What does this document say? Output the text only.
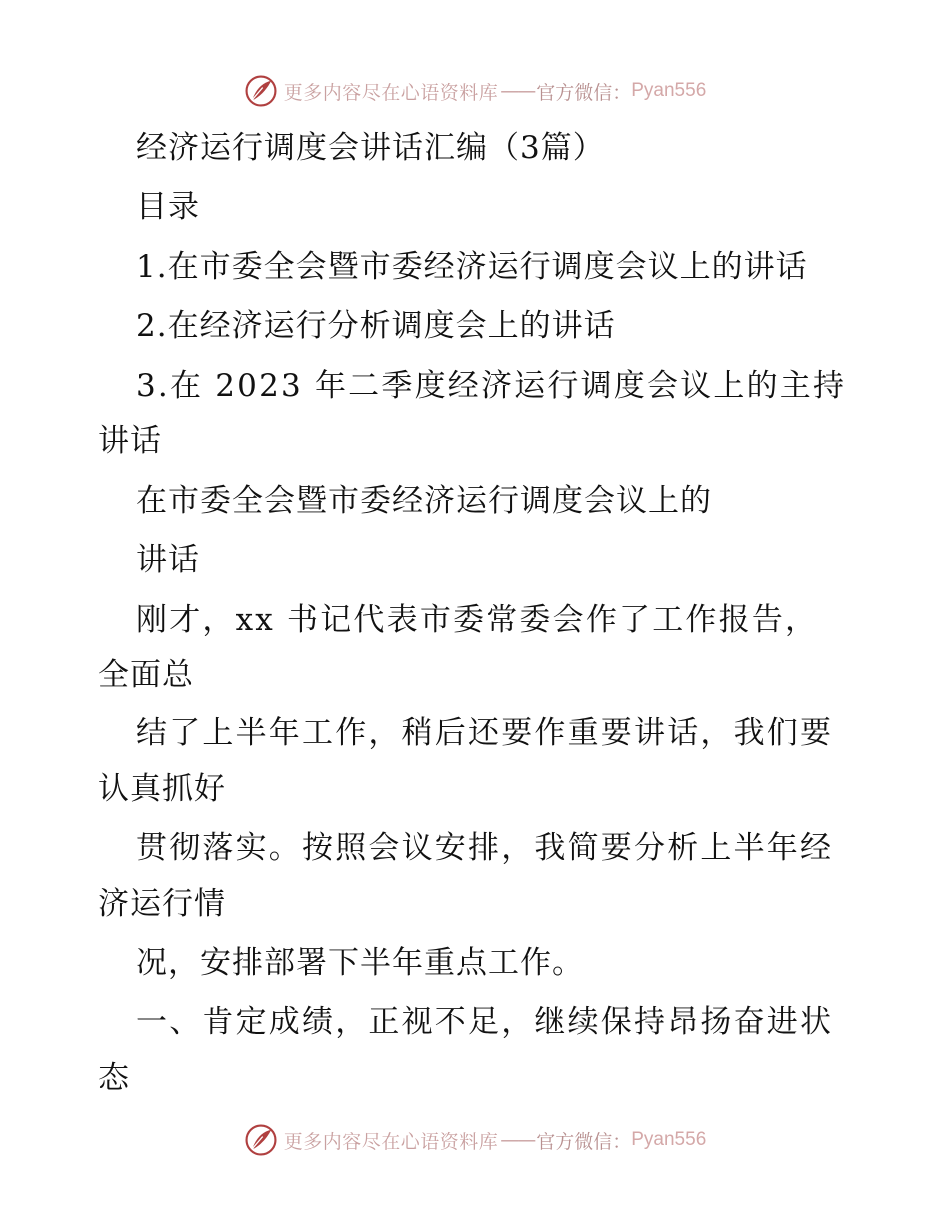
更多内容尽在心语资料库 —— 官方微信： Pyan556
经济运行调度会讲话汇编（3篇）
目录
1.在市委全会暨市委经济运行调度会议上的讲话
2.在经济运行分析调度会上的讲话
3.在 2023 年二季度经济运行调度会议上的主持
讲话
在市委全会暨市委经济运行调度会议上的
讲话
刚才，xx 书记代表市委常委会作了工作报告，
全面总
结了上半年工作，稍后还要作重要讲话，我们要
认真抓好
贯彻落实。按照会议安排，我简要分析上半年经
济运行情
况，安排部署下半年重点工作。
一、肯定成绩，正视不足，继续保持昂扬奋进状
态
更多内容尽在心语资料库 —— 官方微信： Pyan556
